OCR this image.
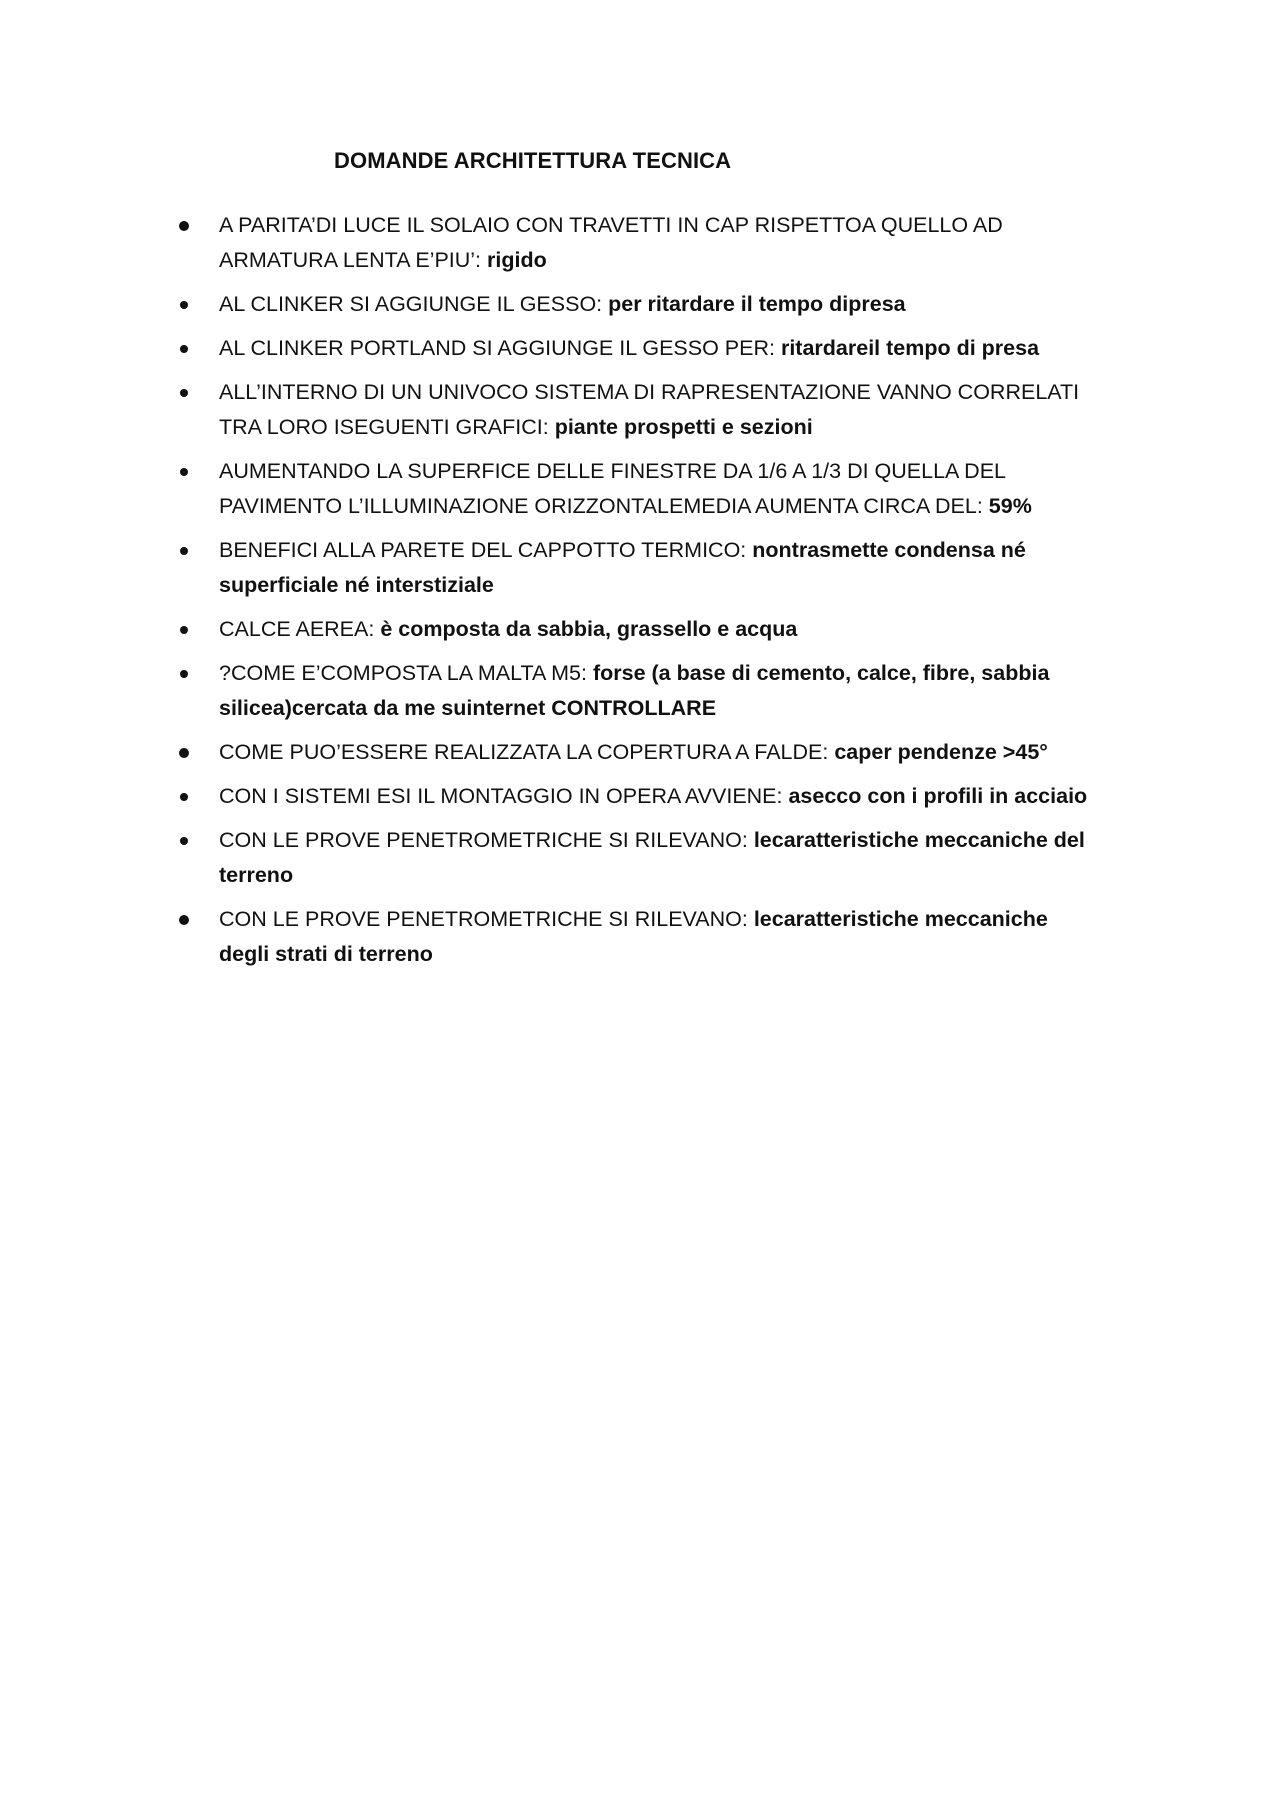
DOMANDE ARCHITETTURA TECNICA
A PARITA’DI LUCE IL SOLAIO CON TRAVETTI IN CAP RISPETTOA QUELLO AD ARMATURA LENTA E’PIU’: rigido
AL CLINKER SI AGGIUNGE IL GESSO: per ritardare il tempo dipresa
AL CLINKER PORTLAND SI AGGIUNGE IL GESSO PER: ritardareil tempo di presa
ALL’INTERNO DI UN UNIVOCO SISTEMA DI RAPRESENTAZIONE VANNO CORRELATI TRA LORO ISEGUENTI GRAFICI: piante prospetti e sezioni
AUMENTANDO LA SUPERFICE DELLE FINESTRE DA 1/6 A 1/3 DI QUELLA DEL PAVIMENTO L’ILLUMINAZIONE ORIZZONTALEMEDIA AUMENTA CIRCA DEL: 59%
BENEFICI ALLA PARETE DEL CAPPOTTO TERMICO: nontrasmette condensa né superficiale né interstiziale
CALCE AEREA: è composta da sabbia, grassello e acqua
?COME E’COMPOSTA LA MALTA M5: forse (a base di cemento, calce, fibre, sabbia silicea)cercata da me suinternet CONTROLLARE
COME PUO’ESSERE REALIZZATA LA COPERTURA A FALDE: caper pendenze >45°
CON I SISTEMI ESI IL MONTAGGIO IN OPERA AVVIENE: asecco con i profili in acciaio
CON LE PROVE PENETROMETRICHE SI RILEVANO: lecaratteristiche meccaniche del terreno
CON LE PROVE PENETROMETRICHE SI RILEVANO: lecaratteristiche meccaniche degli strati di terreno
